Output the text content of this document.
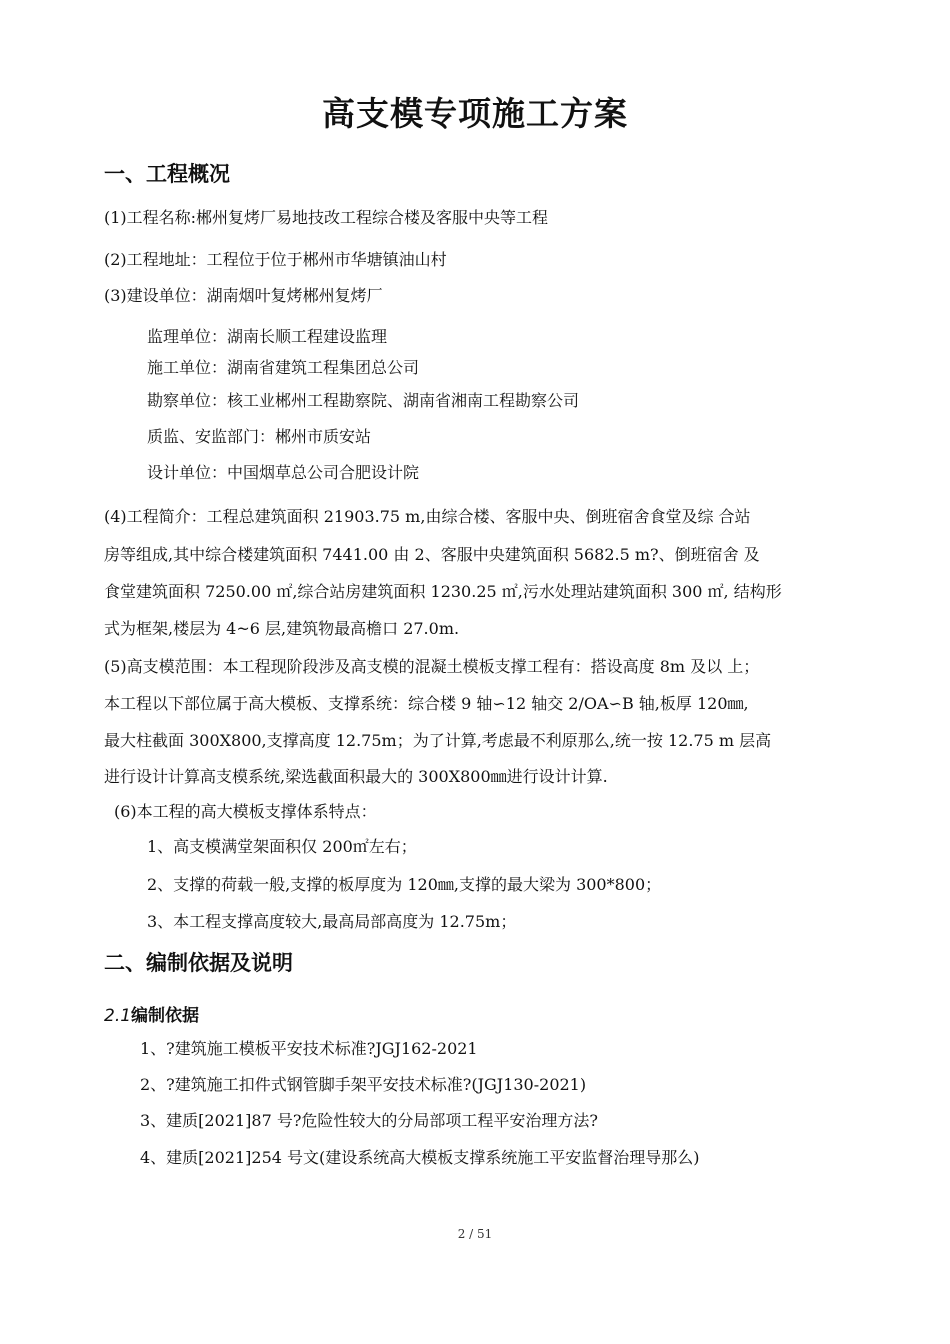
高支模专项施工方案
一、工程概况
(1)工程名称:郴州复烤厂易地技改工程综合楼及客服中央等工程
(2)工程地址：工程位于位于郴州市华塘镇油山村
(3)建设单位：湖南烟叶复烤郴州复烤厂
监理单位：湖南长顺工程建设监理
施工单位：湖南省建筑工程集团总公司
勘察单位：核工业郴州工程勘察院、湖南省湘南工程勘察公司
质监、安监部门：郴州市质安站
设计单位：中国烟草总公司合肥设计院
(4)工程简介：工程总建筑面积 21903.75 m,由综合楼、客服中央、倒班宿舍食堂及综 合站
房等组成,其中综合楼建筑面积 7441.00 由 2、客服中央建筑面积 5682.5 m?、倒班宿舍 及
食堂建筑面积 7250.00 ㎡,综合站房建筑面积 1230.25 ㎡,污水处理站建筑面积 300 ㎡, 结构形
式为框架,楼层为 4~6 层,建筑物最高檐口 27.0m.
(5)高支模范围：本工程现阶段涉及高支模的混凝土模板支撑工程有：搭设高度 8m 及以 上；
本工程以下部位属于高大模板、支撑系统：综合楼 9 轴∽12 轴交 2/OA∽B 轴,板厚 120㎜,
最大柱截面 300X800,支撑高度 12.75m；为了计算,考虑最不利原那么,统一按 12.75 m 层高
进行设计计算高支模系统,梁选截面积最大的 300X800㎜进行设计计算.
(6)本工程的高大模板支撑体系特点：
1、高支模满堂架面积仅 200㎡左右；
2、支撑的荷载一般,支撑的板厚度为 120㎜,支撑的最大梁为 300*800；
3、本工程支撑高度较大,最高局部高度为 12.75m；
二、编制依据及说明
2.1编制依据
1、?建筑施工模板平安技术标准?JGJ162-2021
2、?建筑施工扣件式钢管脚手架平安技术标准?(JGJ130-2021)
3、建质[2021]87 号?危险性较大的分局部项工程平安治理方法?
4、建质[2021]254 号文(建设系统高大模板支撑系统施工平安监督治理导那么)
2 / 51
